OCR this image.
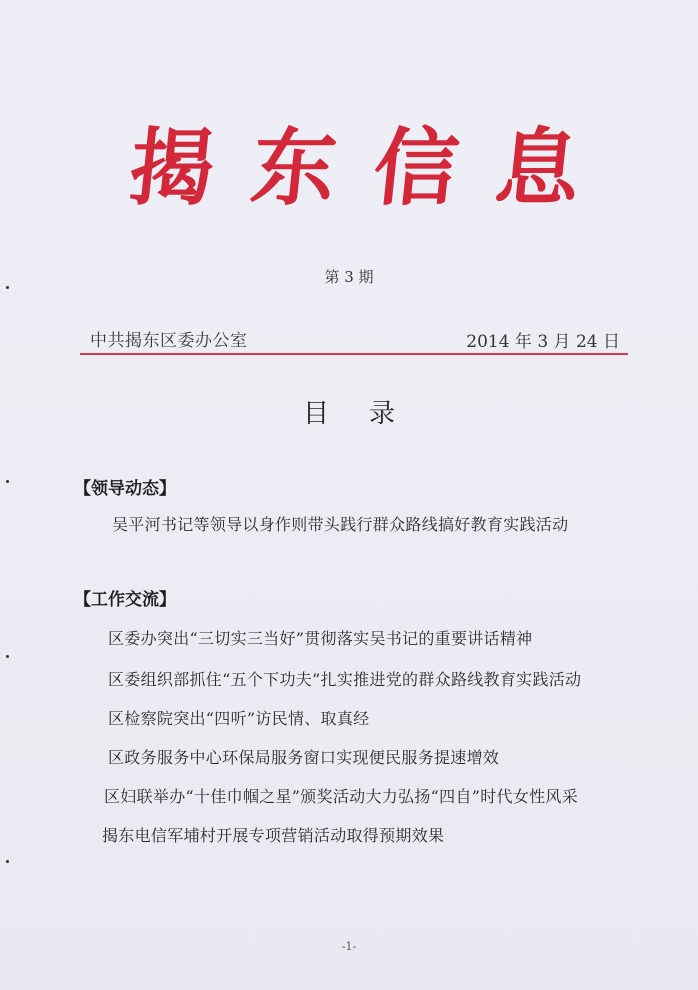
揭 东 信 息
第 3 期
中共揭东区委办公室	2014 年 3 月 24 日
目录
【领导动态】
吴平河书记等领导以身作则带头践行群众路线搞好教育实践活动
【工作交流】
区委办突出“三切实三当好”贯彻落实吴书记的重要讲话精神
区委组织部抓住“五个下功夫”扎实推进党的群众路线教育实践活动
区检察院突出“四听”访民情、取真经
区政务服务中心环保局服务窗口实现便民服务提速增效
区妇联举办“十佳巾帼之星”颁奖活动大力弘扬“四自”时代女性风采
揭东电信军埔村开展专项营销活动取得预期效果
-1-
